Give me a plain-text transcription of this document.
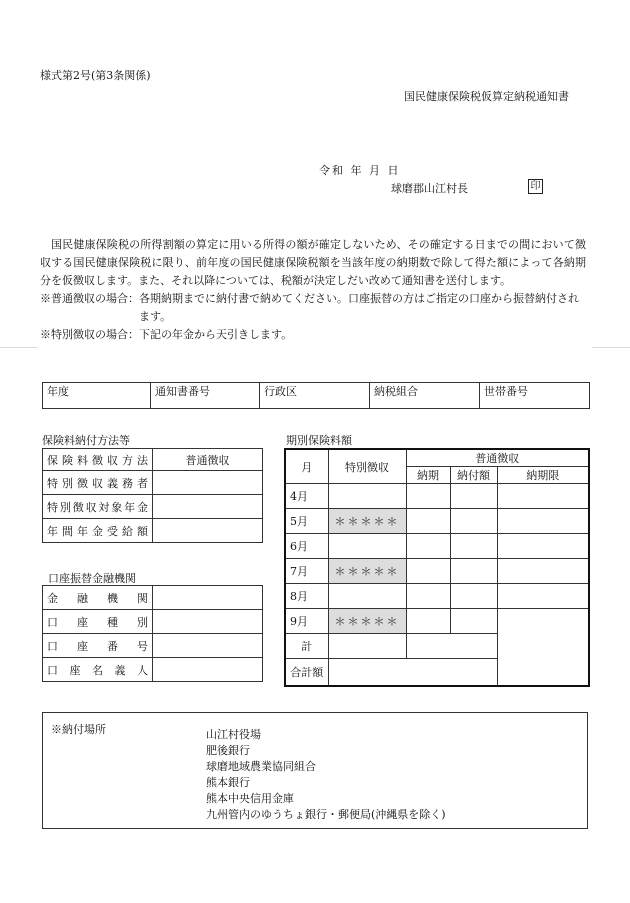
様式第2号(第3条関係)
国民健康保険税仮算定納税通知書
令和 年 月 日
球磨郡山江村長	印

国民健康保険税の所得割額の算定に用いる所得の額が確定しないため、その確定する日までの間において徴収する国民健康保険税に限り、前年度の国民健康保険税額を当該年度の納期数で除して得た額によって各納期分を仮徴収します。また、それ以降については、税額が決定しだい改めて通知書を送付します。

※普通徴収の場合： 各期納期までに納付書で納めてください。口座振替の方はご指定の口座から振替納付されます。
※特別徴収の場合：下記の年金から天引きします。
年度	通知書番号	行政区	納税組合	世帯番号
保険料納付方法等
保険料徴収方法	普通徴収
特別徴収義務者	
特別徴収対象年金	
年間年金受給額	
口座振替金融機関
金融機関	
口座種別	
口座番号	
口座名義人	
期別保険料額
月	特別徴収	普通徴収		
		納期	納付額	納期限
4月				
5月	＊＊＊＊＊			
6月				
7月	＊＊＊＊＊			
8月				
9月	＊＊＊＊＊			
計				
合計額				
※納付場所	山江村役場
肥後銀行
球磨地域農業協同組合
熊本銀行
熊本中央信用金庫
九州管内のゆうちょ銀行・郵便局(沖縄県を除く)
